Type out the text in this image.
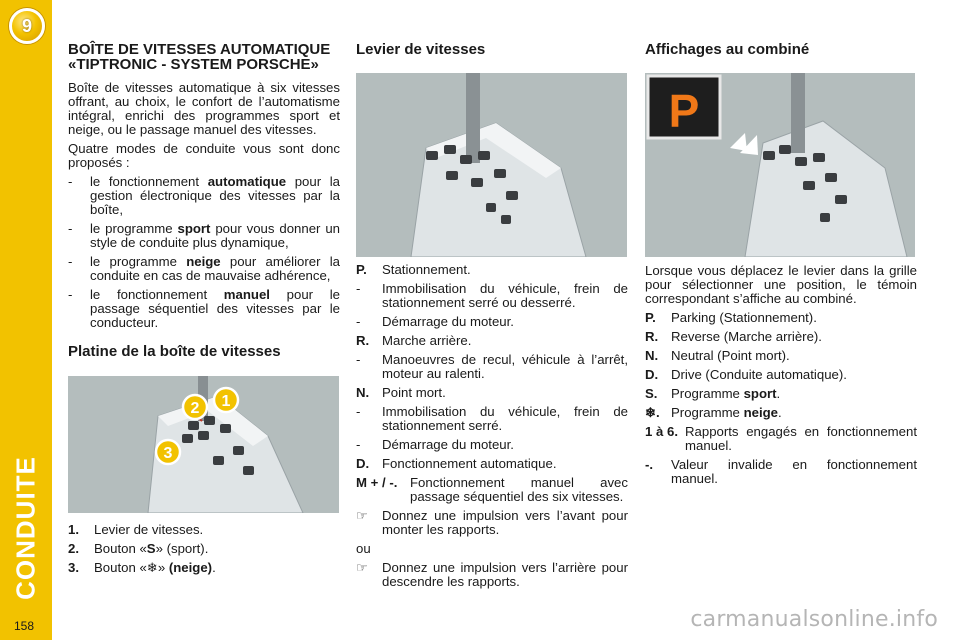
9
CONDUITE
158
BOÎTE DE VITESSES AUTOMATIQUE «TIPTRONIC - SYSTEM PORSCHE»

Boîte de vitesses automatique à six vitesses offrant, au choix, le confort de l’automatisme intégral, enrichi des programmes sport et neige, ou le passage manuel des vitesses.

Quatre modes de conduite vous sont donc proposés :

- le fonctionnement automatique pour la gestion électronique des vitesses par la boîte,
- le programme sport pour vous donner un style de conduite plus dynamique,
- le programme neige pour améliorer la conduite en cas de mauvaise adhérence,
- le fonctionnement manuel pour le passage séquentiel des vitesses par le conducteur.
Platine de la boîte de vitesses
2 1
3
1. Levier de vitesses.
2. Bouton «S» (sport).
3. Bouton «❄» (neige).
Levier de vitesses
P. Stationnement.
- Immobilisation du véhicule, frein de stationnement serré ou desserré.
- Démarrage du moteur.
R. Marche arrière.
- Manoeuvres de recul, véhicule à l’arrêt, moteur au ralenti.
N. Point mort.
- Immobilisation du véhicule, frein de stationnement serré.
- Démarrage du moteur.
D. Fonctionnement automatique.
M + / -. Fonctionnement manuel avec passage séquentiel des six vitesses.
☞ Donnez une impulsion vers l’avant pour monter les rapports.
ou
☞ Donnez une impulsion vers l’arrière pour descendre les rapports.
Affichages au combiné
P

Lorsque vous déplacez le levier dans la grille pour sélectionner une position, le témoin correspondant s’affiche au combiné.

P. Parking (Stationnement).
R. Reverse (Marche arrière).
N. Neutral (Point mort).
D. Drive (Conduite automatique).
S. Programme sport.
❄. Programme neige.
1 à 6. Rapports engagés en fonctionnement manuel.
-. Valeur invalide en fonctionnement manuel.
carmanualsonline.info
